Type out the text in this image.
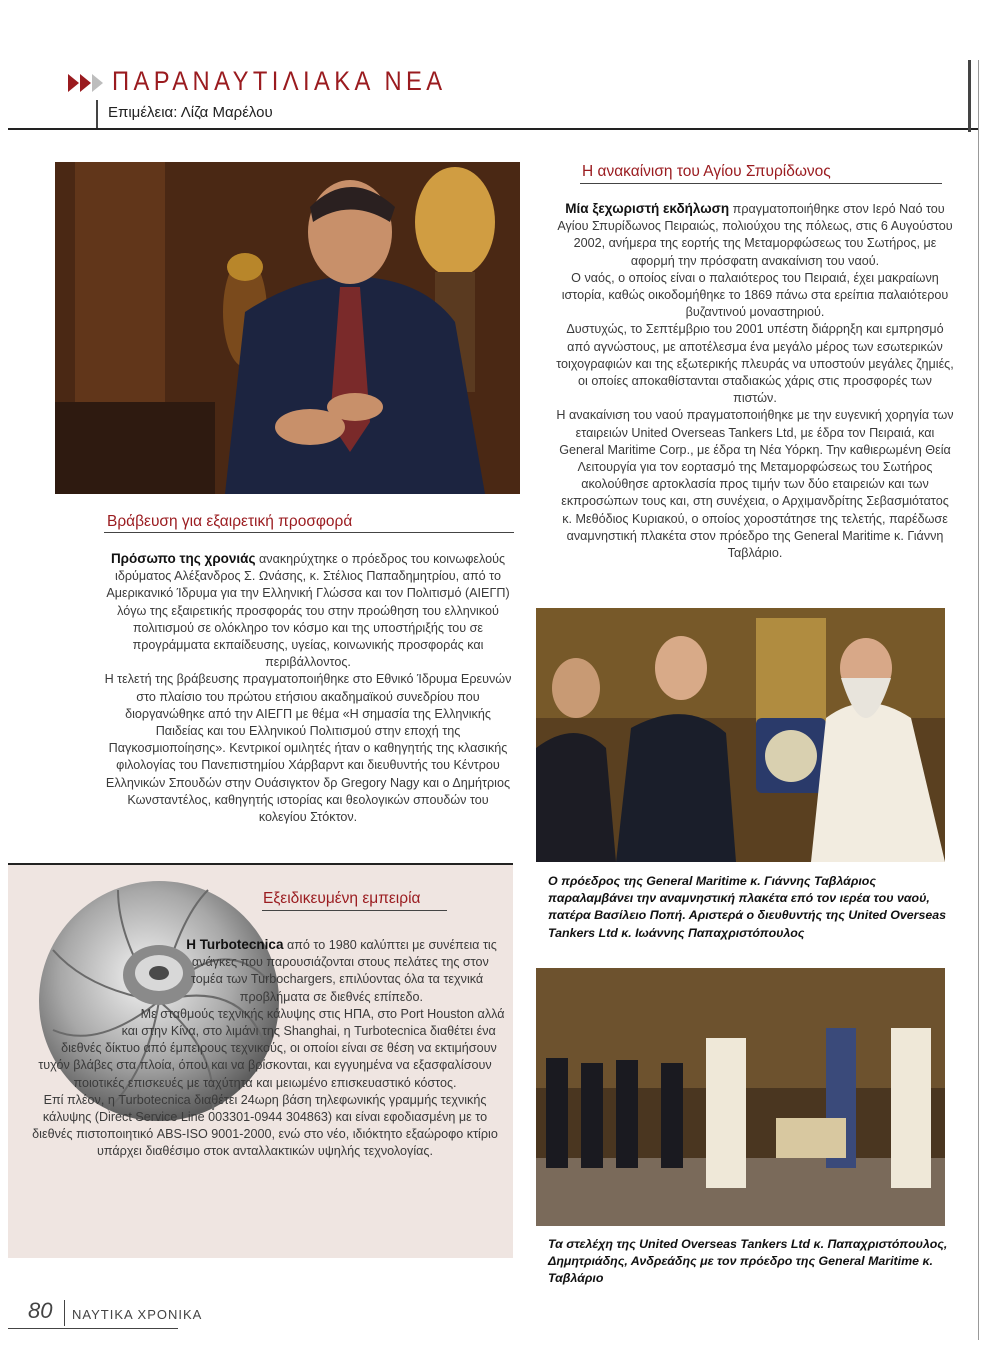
ΠΑΡΑΝΑΥΤΙΛΙΑΚΑ ΝΕΑ
Επιμέλεια: Λίζα Μαρέλου
Βράβευση για εξαιρετική προσφορά

Πρόσωπο της χρονιάς ανακηρύχτηκε ο πρόεδρος του κοινωφελούς ιδρύματος Αλέξανδρος Σ. Ωνάσης, κ. Στέλιος Παπαδημητρίου, από το Αμερικανικό Ίδρυμα για την Ελληνική Γλώσσα και τον Πολιτισμό (ΑΙΕΓΠ) λόγω της εξαιρετικής προσφοράς του στην προώθηση του ελληνικού πολιτισμού σε ολόκληρο τον κόσμο και της υποστήριξής του σε προγράμματα εκπαίδευσης, υγείας, κοινωνικής προσφοράς και περιβάλλοντος.

Η τελετή της βράβευσης πραγματοποιήθηκε στο Εθνικό Ίδρυμα Ερευνών στο πλαίσιο του πρώτου ετήσιου ακαδημαϊκού συνεδρίου που διοργανώθηκε από την ΑΙΕΓΠ με θέμα «Η σημασία της Ελληνικής Παιδείας και του Ελληνικού Πολιτισμού στην εποχή της Παγκοσμιοποίησης». Κεντρικοί ομιλητές ήταν ο καθηγητής της κλασικής φιλολογίας του Πανεπιστημίου Χάρβαρντ και διευθυντής του Κέντρου Ελληνικών Σπουδών στην Ουάσιγκτον δρ Gregory Nagy και ο Δημήτριος Κωνσταντέλος, καθηγητής ιστορίας και θεολογικών σπουδών του κολεγίου Στόκτον.

Η ανακαίνιση του Αγίου Σπυρίδωνος

Μία ξεχωριστή εκδήλωση πραγματοποιήθηκε στον Ιερό Ναό του Αγίου Σπυρίδωνος Πειραιώς, πολιούχου της πόλεως, στις 6 Αυγούστου 2002, ανήμερα της εορτής της Μεταμορφώσεως του Σωτήρος, με αφορμή την πρόσφατη ανακαίνιση του ναού.

Ο ναός, ο οποίος είναι ο παλαιότερος του Πειραιά, έχει μακραίωνη ιστορία, καθώς οικοδομήθηκε το 1869 πάνω στα ερείπια παλαιότερου βυζαντινού μοναστηριού.

Δυστυχώς, το Σεπτέμβριο του 2001 υπέστη διάρρηξη και εμπρησμό από αγνώστους, με αποτέλεσμα ένα μεγάλο μέρος των εσωτερικών τοιχογραφιών και της εξωτερικής πλευράς να υποστούν μεγάλες ζημιές, οι οποίες αποκαθίστανται σταδιακώς χάρις στις προσφορές των πιστών.

Η ανακαίνιση του ναού πραγματοποιήθηκε με την ευγενική χορηγία των εταιρειών United Overseas Tankers Ltd, με έδρα τον Πειραιά, και General Maritime Corp., με έδρα τη Νέα Υόρκη. Την καθιερωμένη Θεία Λειτουργία για τον εορτασμό της Μεταμορφώσεως του Σωτήρος ακολούθησε αρτοκλασία προς τιμήν των δύο εταιρειών και των εκπροσώπων τους και, στη συνέχεια, ο Αρχιμανδρίτης Σεβασμιότατος κ. Μεθόδιος Κυριακού, ο οποίος χοροστάτησε της τελετής, παρέδωσε αναμνηστική πλακέτα στον πρόεδρο της General Maritime κ. Γιάννη Ταβλάριο.

Ο πρόεδρος της General Maritime κ. Γιάννης Ταβλάριος παραλαμβάνει την αναμνηστική πλακέτα επό τον ιερέα του ναού, πατέρα Βασίλειο Ποπή. Αριστερά ο διευθυντής της United Overseas Tankers Ltd κ. Ιωάννης Παπαχριστόπουλος
Τα στελέχη της United Overseas Tankers Ltd κ. Παπαχριστόπουλος, Δημητριάδης, Ανδρεάδης με τον πρόεδρο της General Maritime κ. Ταβλάριο
Εξειδικευμένη εμπειρία

Η Turbotecnica από το 1980 καλύπτει με συνέπεια τις ανάγκες που παρουσιάζονται στους πελάτες της στον τομέα των Turbochargers, επιλύοντας όλα τα τεχνικά προβλήματα σε διεθνές επίπεδο.

Με σταθμούς τεχνικής κάλυψης στις ΗΠΑ, στο Port Houston αλλά και στην Κίνα, στο λιμάνι της Shanghai, η Turbotecnica διαθέτει ένα διεθνές δίκτυο από έμπειρους τεχνικούς, οι οποίοι είναι σε θέση να εκτιμήσουν τυχόν βλάβες στα πλοία, όπου και να βρίσκονται, και εγγυημένα να εξασφαλίσουν ποιοτικές επισκευές με ταχύτητα και μειωμένο επισκευαστικό κόστος.

Επί πλέον, η Turbotecnica διαθέτει 24ωρη βάση τηλεφωνικής γραμμής τεχνικής κάλυψης (Direct Service Line 003301-0944 304863) και είναι εφοδιασμένη με το διεθνές πιστοποιητικό ABS-ISO 9001-2000, ενώ στο νέο, ιδιόκτητο εξαώροφο κτίριο υπάρχει διαθέσιμο στοκ ανταλλακτικών υψηλής τεχνολογίας.

80 ΝΑΥΤΙΚΑ ΧΡΟΝΙΚΑ
